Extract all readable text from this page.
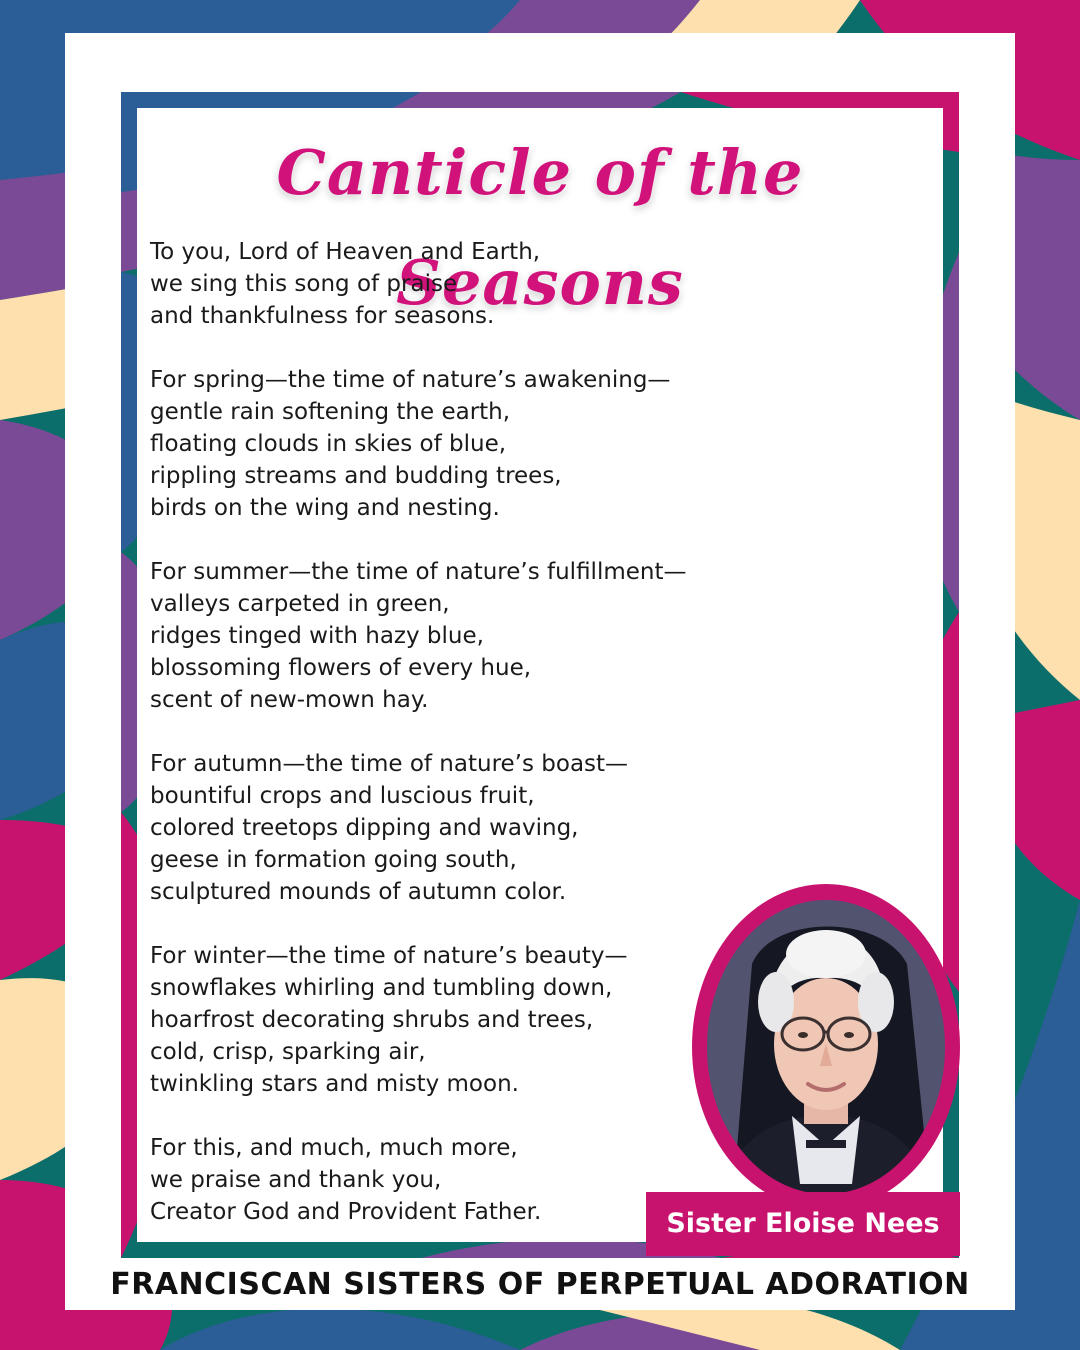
Canticle of the Seasons
To you, Lord of Heaven and Earth,
we sing this song of praise
and thankfulness for seasons.
For spring—the time of nature’s awakening—
gentle rain softening the earth,
floating clouds in skies of blue,
rippling streams and budding trees,
birds on the wing and nesting.
For summer—the time of nature’s fulfillment—
valleys carpeted in green,
ridges tinged with hazy blue,
blossoming flowers of every hue,
scent of new-mown hay.
For autumn—the time of nature’s boast—
bountiful crops and luscious fruit,
colored treetops dipping and waving,
geese in formation going south,
sculptured mounds of autumn color.
For winter—the time of nature’s beauty—
snowflakes whirling and tumbling down,
hoarfrost decorating shrubs and trees,
cold, crisp, sparking air,
twinkling stars and misty moon.
For this, and much, much more,
we praise and thank you,
Creator God and Provident Father.	Sister Eloise Nees
FRANCISCAN SISTERS OF PERPETUAL ADORATION
